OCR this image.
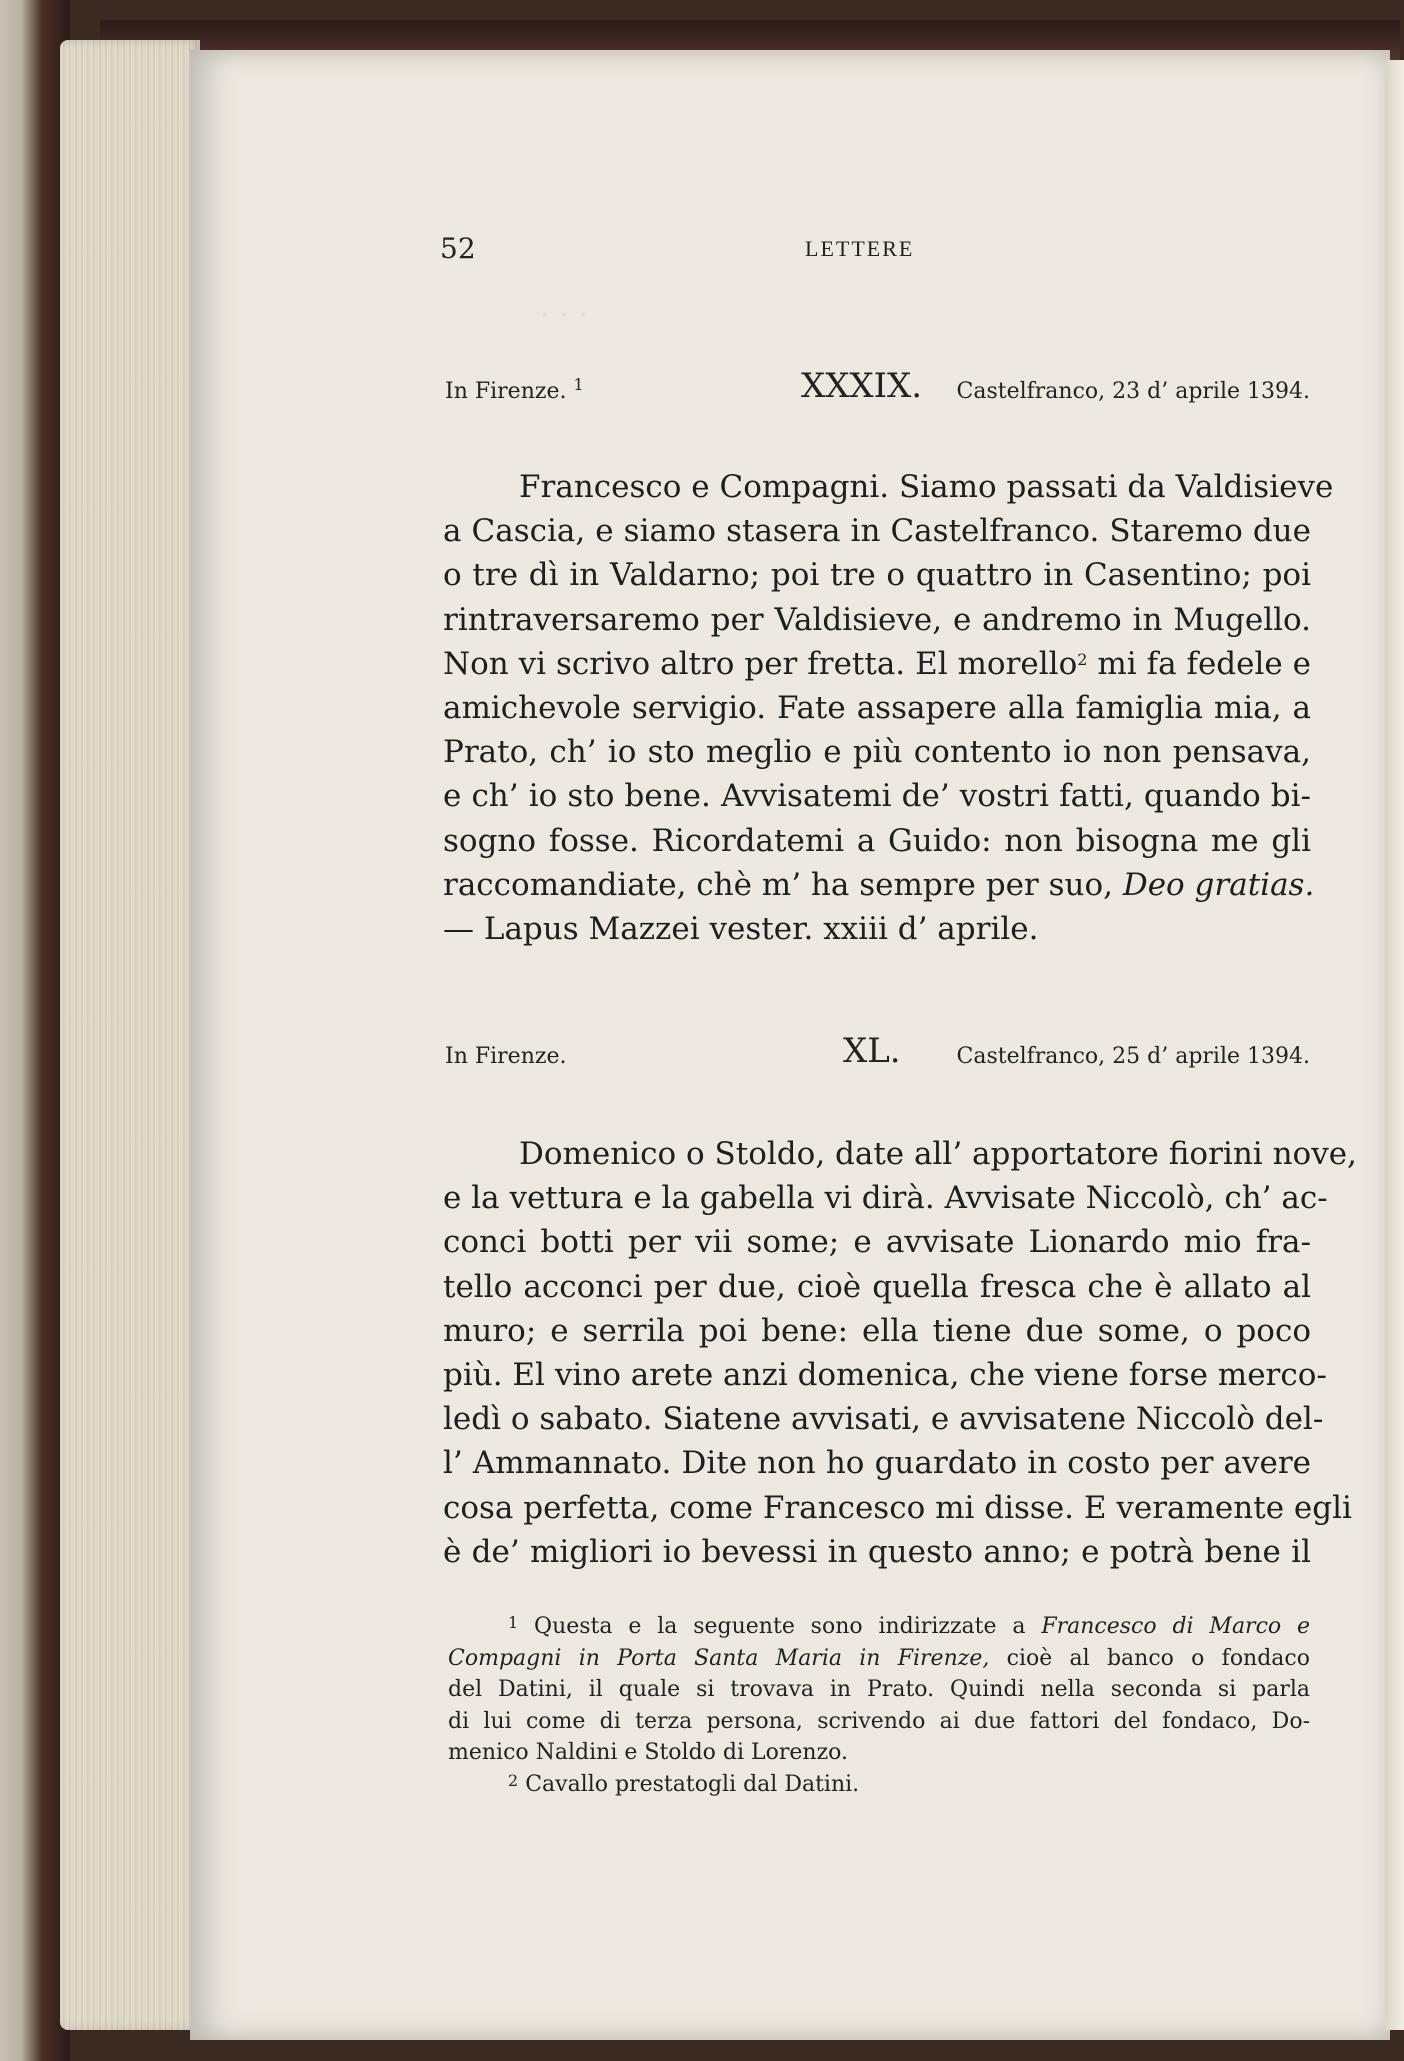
· · ·
52	LETTERE
In Firenze. $^1$	XXXIX. Castelfranco, 23 d’ aprile 1394.
Francesco e Compagni. Siamo passati da Valdisieve
a Cascia, e siamo stasera in Castelfranco. Staremo due
o tre dì in Valdarno; poi tre o quattro in Casentino; poi
rintraversaremo per Valdisieve, e andremo in Mugello.
Non vi scrivo altro per fretta. El morello$^2$ mi fa fedele e
amichevole servigio. Fate assapere alla famiglia mia, a
Prato, ch’ io sto meglio e più contento io non pensava,
e ch’ io sto bene. Avvisatemi de’ vostri fatti, quando bi-
sogno fosse. Ricordatemi a Guido: non bisogna me gli
raccomandiate, chè m’ ha sempre per suo, Deo gratias.
— Lapus Mazzei vester. xxiii d’ aprile.
In Firenze.	XL.	Castelfranco, 25 d’ aprile 1394.
Domenico o Stoldo, date all’ apportatore fiorini nove,
e la vettura e la gabella vi dirà. Avvisate Niccolò, ch’ ac-
conci botti per vii some; e avvisate Lionardo mio fra-
tello acconci per due, cioè quella fresca che è allato al
muro; e serrila poi bene: ella tiene due some, o poco
più. El vino arete anzi domenica, che viene forse merco-
ledì o sabato. Siatene avvisati, e avvisatene Niccolò del-
l’ Ammannato. Dite non ho guardato in costo per avere
cosa perfetta, come Francesco mi disse. E veramente egli
è de’ migliori io bevessi in questo anno; e potrà bene il
$^1$ Questa e la seguente sono indirizzate a Francesco di Marco e
Compagni in Porta Santa Maria in Firenze, cioè al banco o fondaco
del Datini, il quale si trovava in Prato. Quindi nella seconda si parla
di lui come di terza persona, scrivendo ai due fattori del fondaco, Do-
menico Naldini e Stoldo di Lorenzo.
$^2$ Cavallo prestatogli dal Datini.
